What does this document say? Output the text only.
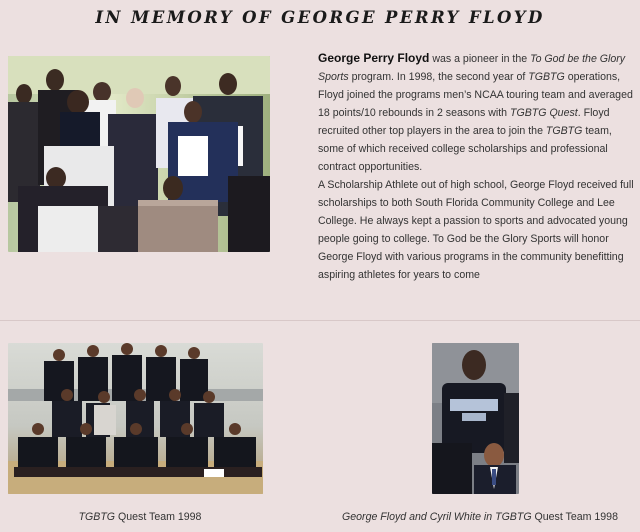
IN MEMORY OF GEORGE PERRY FLOYD

George Perry Floyd was a pioneer in the To God be the Glory Sports program. In 1998, the second year of TGBTG operations, Floyd joined the programs men’s NCAA touring team and averaged 18 points/10 rebounds in 2 seasons with TGBTG Quest. Floyd recruited other top players in the area to join the TGBTG team, some of which received college scholarships and professional contract opportunities.

A Scholarship Athlete out of high school, George Floyd received full scholarships to both South Florida Community College and Lee College. He always kept a passion to sports and advocated young people going to college. To God be the Glory Sports will honor George Floyd with various programs in the community benefitting aspiring athletes for years to come

TGBTG Quest Team 1998	George Floyd and Cyril White in TGBTG Quest Team 1998
